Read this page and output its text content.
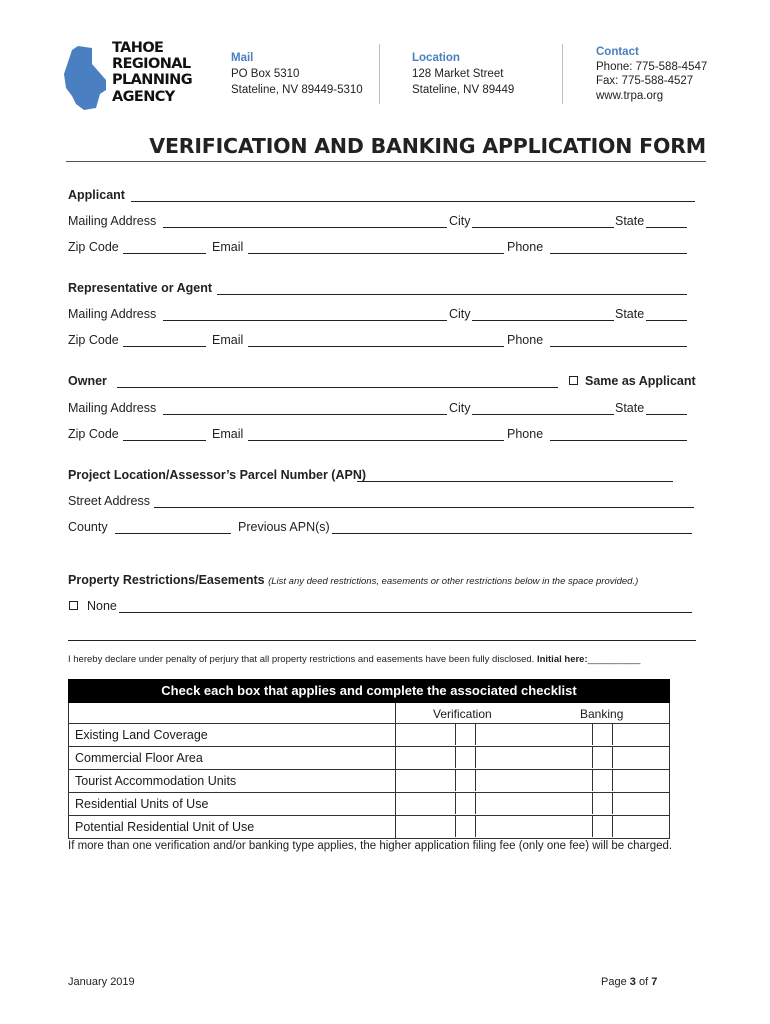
TAHOE
REGIONAL
PLANNING
AGENCY
Mail
PO Box 5310
Stateline, NV 89449-5310
Location
128 Market Street
Stateline, NV 89449
Contact
Phone: 775-588-4547
Fax: 775-588-4527
www.trpa.org
VERIFICATION AND BANKING APPLICATION FORM
Applicant
Mailing Address	City	State
Zip Code	Email	Phone
Representative or Agent
Mailing Address	City	State
Zip Code	Email	Phone
Owner	Same as Applicant
Mailing Address	City	State
Zip Code	Email	Phone
Project Location/Assessor’s Parcel Number (APN)
Street Address
County	Previous APN(s)
Property Restrictions/Easements (List any deed restrictions, easements or other restrictions below in the space provided.)
None
I hereby declare under penalty of perjury that all property restrictions and easements have been fully disclosed. Initial here:__________
Check each box that applies and complete the associated checklist
Verification	Banking
Existing Land Coverage
Commercial Floor Area
Tourist Accommodation Units
Residential Units of Use
Potential Residential Unit of Use
If more than one verification and/or banking type applies, the higher application filing fee (only one fee) will be charged.
January 2019	Page 3 of 7
